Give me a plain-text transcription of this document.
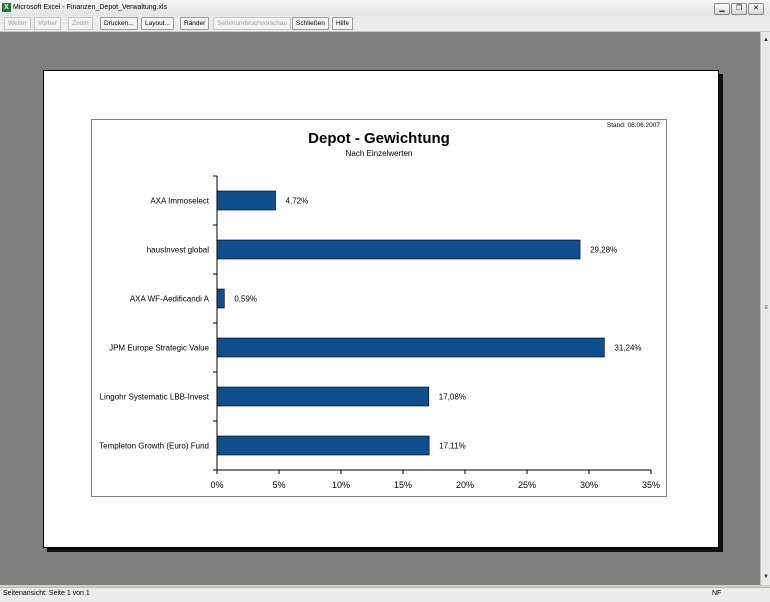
X Microsoft Excel - Finanzen_Depot_Verwaltung.xls	▁	❐	✕
Weiter	Vorher	Zoom	Drucken...	Layout...	Ränder	Seitenumbruchvorschau	Schließen	Hilfe
▲
≡
▼
Stand: 08.06.2007
Depot - Gewichtung
Nach Einzelwerten
0%	5%	10%	15%	20%	25%	30%	35%
AXA Immoselect	4,72%
hausInvest global	29,28%
AXA WF-Aedificandi A	0,59%
JPM Europe Strategic Value	31,24%
Lingohr Systematic LBB-Invest	17,08%
Templeton Growth (Euro) Fund	17,11%
Seitenansicht: Seite 1 von 1	NF
